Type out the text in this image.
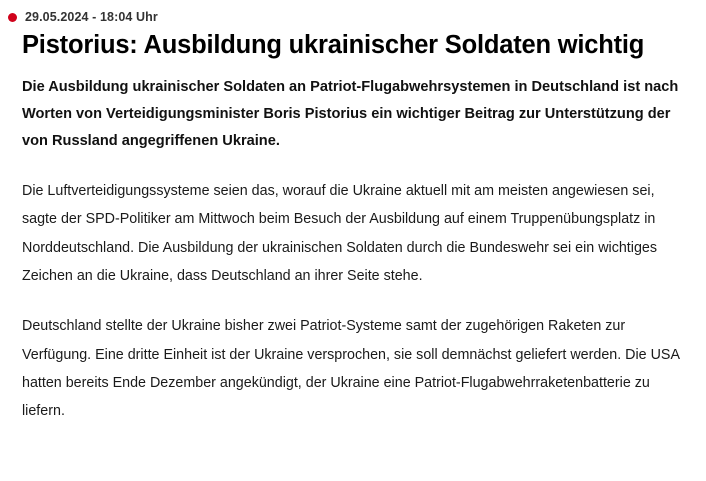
29.05.2024 - 18:04 Uhr
Pistorius: Ausbildung ukrainischer Soldaten wichtig

Die Ausbildung ukrainischer Soldaten an Patriot-Flugabwehrsystemen in Deutschland ist nach Worten von Verteidigungsminister Boris Pistorius ein wichtiger Beitrag zur Unterstützung der von Russland angegriffenen Ukraine.

Die Luftverteidigungssysteme seien das, worauf die Ukraine aktuell mit am meisten angewiesen sei, sagte der SPD-Politiker am Mittwoch beim Besuch der Ausbildung auf einem Truppenübungsplatz in Norddeutschland. Die Ausbildung der ukrainischen Soldaten durch die Bundeswehr sei ein wichtiges Zeichen an die Ukraine, dass Deutschland an ihrer Seite stehe.

Deutschland stellte der Ukraine bisher zwei Patriot-Systeme samt der zugehörigen Raketen zur Verfügung. Eine dritte Einheit ist der Ukraine versprochen, sie soll demnächst geliefert werden. Die USA hatten bereits Ende Dezember angekündigt, der Ukraine eine Patriot-Flugabwehrraketenbatterie zu liefern.
